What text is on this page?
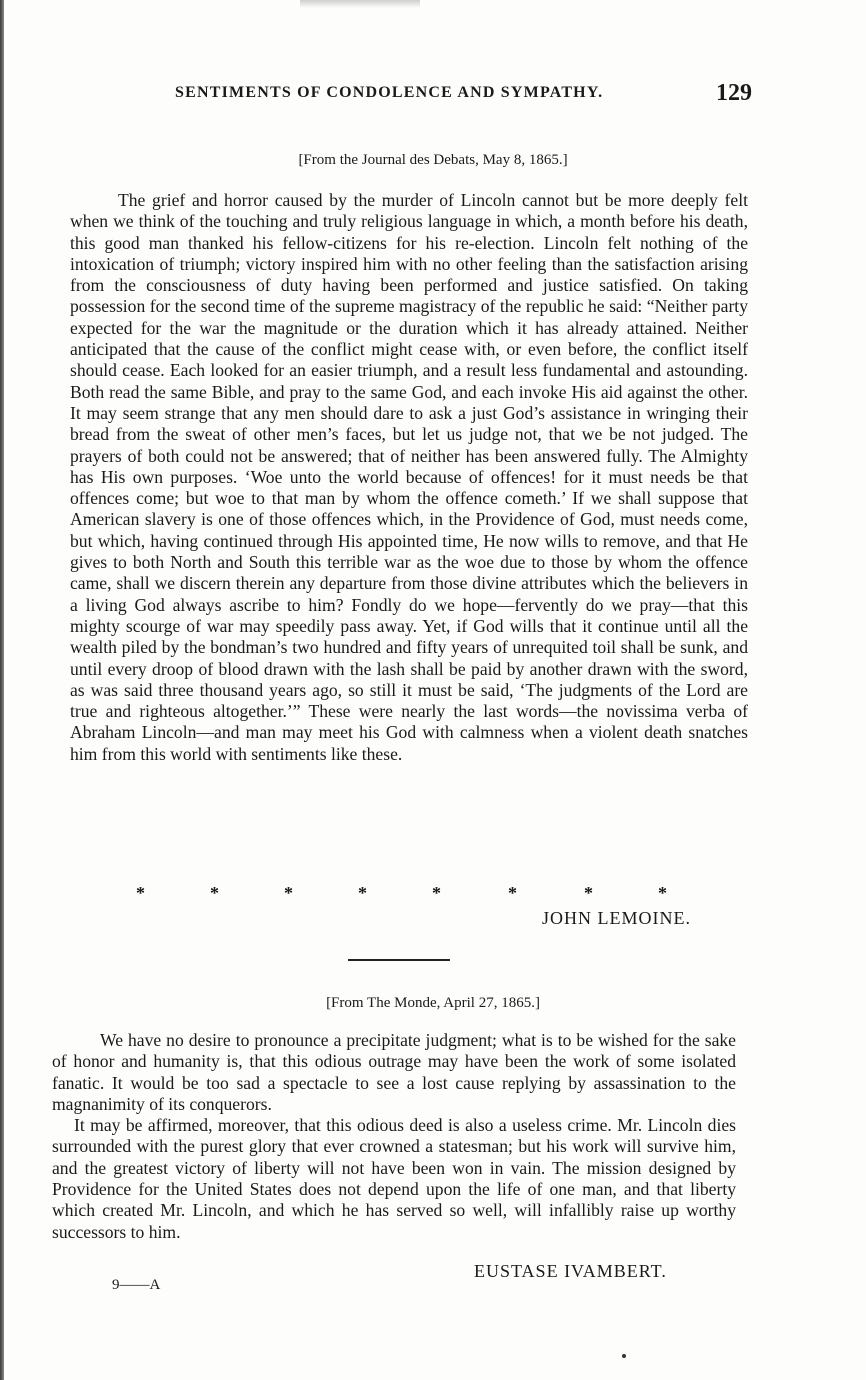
SENTIMENTS OF CONDOLENCE AND SYMPATHY.	129
[From the Journal des Debats, May 8, 1865.]

The grief and horror caused by the murder of Lincoln cannot but be more deeply felt when we think of the touching and truly religious language in which, a month before his death, this good man thanked his fellow-citizens for his re-election. Lincoln felt nothing of the intoxication of triumph; victory inspired him with no other feeling than the satisfaction arising from the consciousness of duty having been performed and justice satisfied. On taking possession for the second time of the supreme magistracy of the republic he said: “Neither party expected for the war the magnitude or the duration which it has already attained. Neither anticipated that the cause of the conflict might cease with, or even before, the conflict itself should cease. Each looked for an easier triumph, and a result less fundamental and astounding. Both read the same Bible, and pray to the same God, and each invoke His aid against the other. It may seem strange that any men should dare to ask a just God’s assistance in wringing their bread from the sweat of other men’s faces, but let us judge not, that we be not judged. The prayers of both could not be answered; that of neither has been answered fully. The Almighty has His own purposes. ‘Woe unto the world because of offences! for it must needs be that offences come; but woe to that man by whom the offence cometh.’ If we shall suppose that American slavery is one of those offences which, in the Providence of God, must needs come, but which, having continued through His appointed time, He now wills to remove, and that He gives to both North and South this terrible war as the woe due to those by whom the offence came, shall we discern therein any departure from those divine attributes which the believers in a living God always ascribe to him? Fondly do we hope—fervently do we pray—that this mighty scourge of war may speedily pass away. Yet, if God wills that it continue until all the wealth piled by the bondman’s two hundred and fifty years of unrequited toil shall be sunk, and until every droop of blood drawn with the lash shall be paid by another drawn with the sword, as was said three thousand years ago, so still it must be said, ‘The judgments of the Lord are true and righteous altogether.’” These were nearly the last words—the novissima verba of Abraham Lincoln—and man may meet his God with calmness when a violent death snatches him from this world with sentiments like these.

*	*	*	*	*	*	*	*
JOHN LEMOINE.
[From The Monde, April 27, 1865.]

We have no desire to pronounce a precipitate judgment; what is to be wished for the sake of honor and humanity is, that this odious outrage may have been the work of some isolated fanatic. It would be too sad a spectacle to see a lost cause replying by assassination to the magnanimity of its conquerors.

It may be affirmed, moreover, that this odious deed is also a useless crime. Mr. Lincoln dies surrounded with the purest glory that ever crowned a statesman; but his work will survive him, and the greatest victory of liberty will not have been won in vain. The mission designed by Providence for the United States does not depend upon the life of one man, and that liberty which created Mr. Lincoln, and which he has served so well, will infallibly raise up worthy successors to him.

EUSTASE IVAMBERT.
9——A
